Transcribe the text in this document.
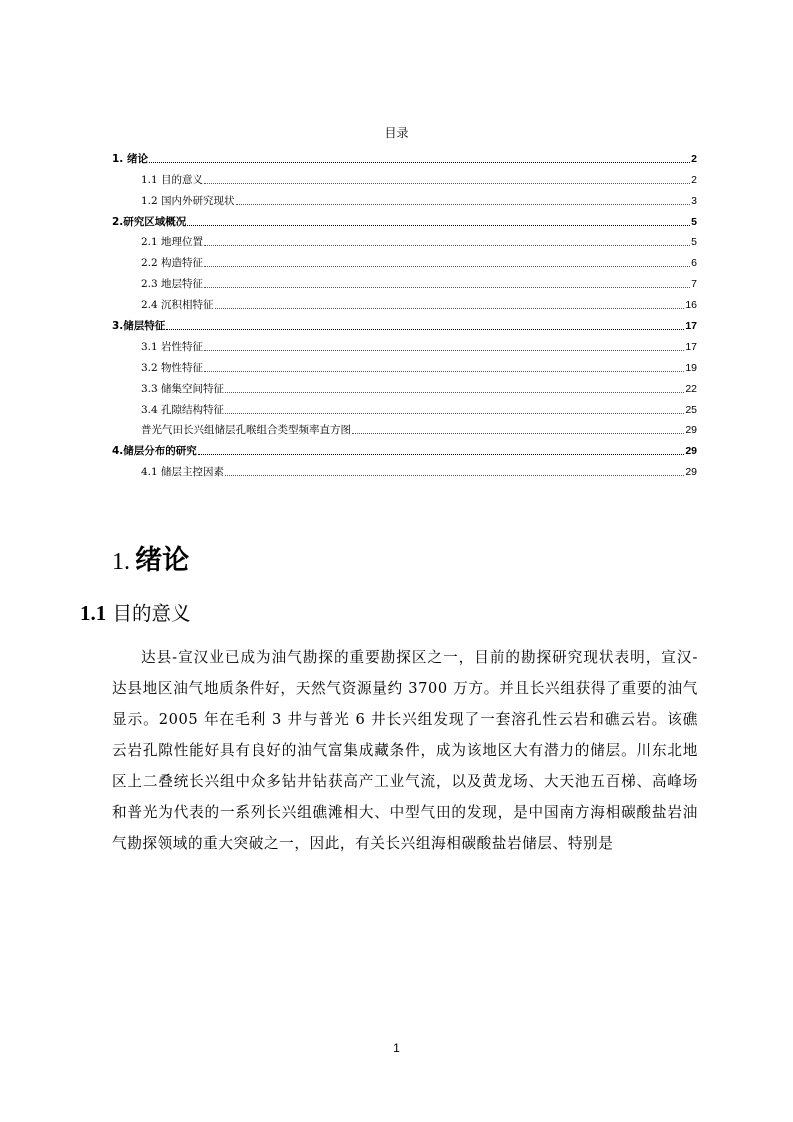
目录
1. 绪论	2
1.1 目的意义	2
1.2 国内外研究现状	3
2.研究区域概况	5
2.1 地理位置	5
2.2 构造特征	6
2.3 地层特征	7
2.4 沉积相特征	16
3.储层特征	17
3.1 岩性特征	17
3.2 物性特征	19
3.3 储集空间特征	22
3.4 孔隙结构特征	25
普光气田长兴组储层孔喉组合类型频率直方图	29
4.储层分布的研究	29
4.1 储层主控因素	29
1. 绪论
1.1 目的意义

达县-宣汉业已成为油气勘探的重要勘探区之一，目前的勘探研究现状表明，宣汉-达县地区油气地质条件好，天然气资源量约 3700 万方。并且长兴组获得了重要的油气显示。2005 年在毛利 3 井与普光 6 井长兴组发现了一套溶孔性云岩和礁云岩。该礁云岩孔隙性能好具有良好的油气富集成藏条件，成为该地区大有潜力的储层。川东北地区上二叠统长兴组中众多钻井钻获高产工业气流，以及黄龙场、大天池五百梯、高峰场和普光为代表的一系列长兴组礁滩相大、中型气田的发现，是中国南方海相碳酸盐岩油气勘探领域的重大突破之一，因此，有关长兴组海相碳酸盐岩储层、特别是

1
